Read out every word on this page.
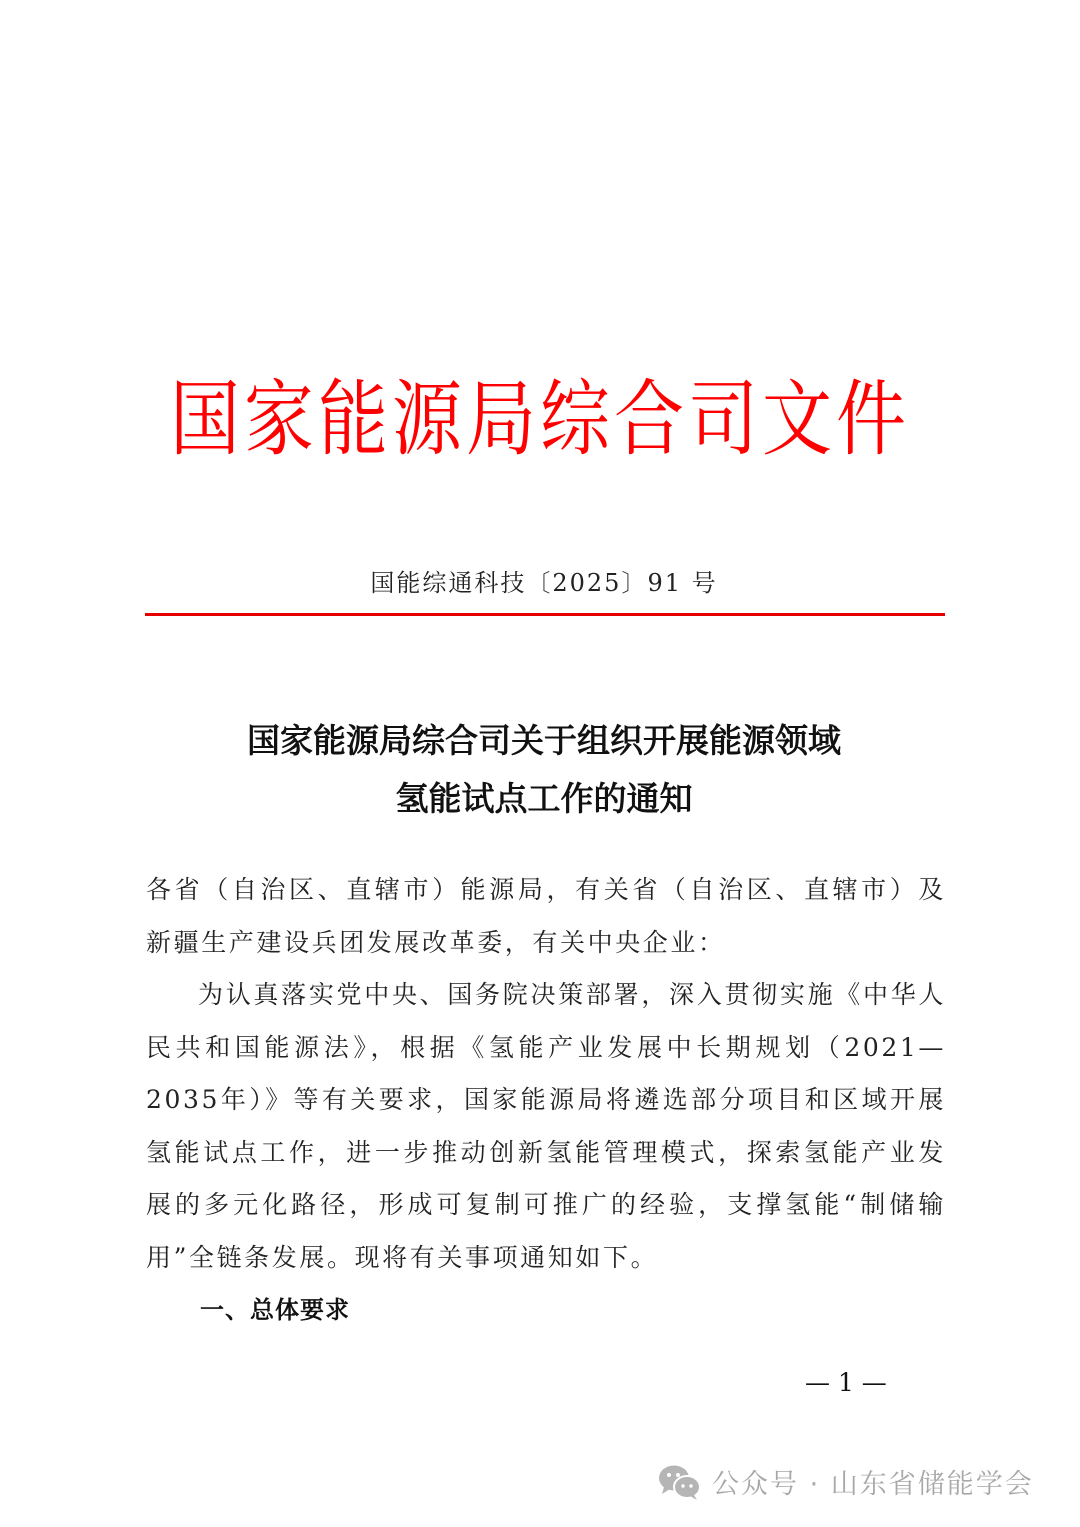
国家能源局综合司文件
国能综通科技〔2025〕91 号
国家能源局综合司关于组织开展能源领域
氢能试点工作的通知

各省（自治区、直辖市）能源局，有关省（自治区、直辖市）及新疆生产建设兵团发展改革委，有关中央企业：

为认真落实党中央、国务院决策部署，深入贯彻实施《中华人民共和国能源法》，根据《氢能产业发展中长期规划（2021—2035年）》等有关要求，国家能源局将遴选部分项目和区域开展氢能试点工作，进一步推动创新氢能管理模式，探索氢能产业发展的多元化路径，形成可复制可推广的经验，支撑氢能“制储输用”全链条发展。现将有关事项通知如下。

一、总体要求
— 1 —
公众号 · 山东省储能学会
